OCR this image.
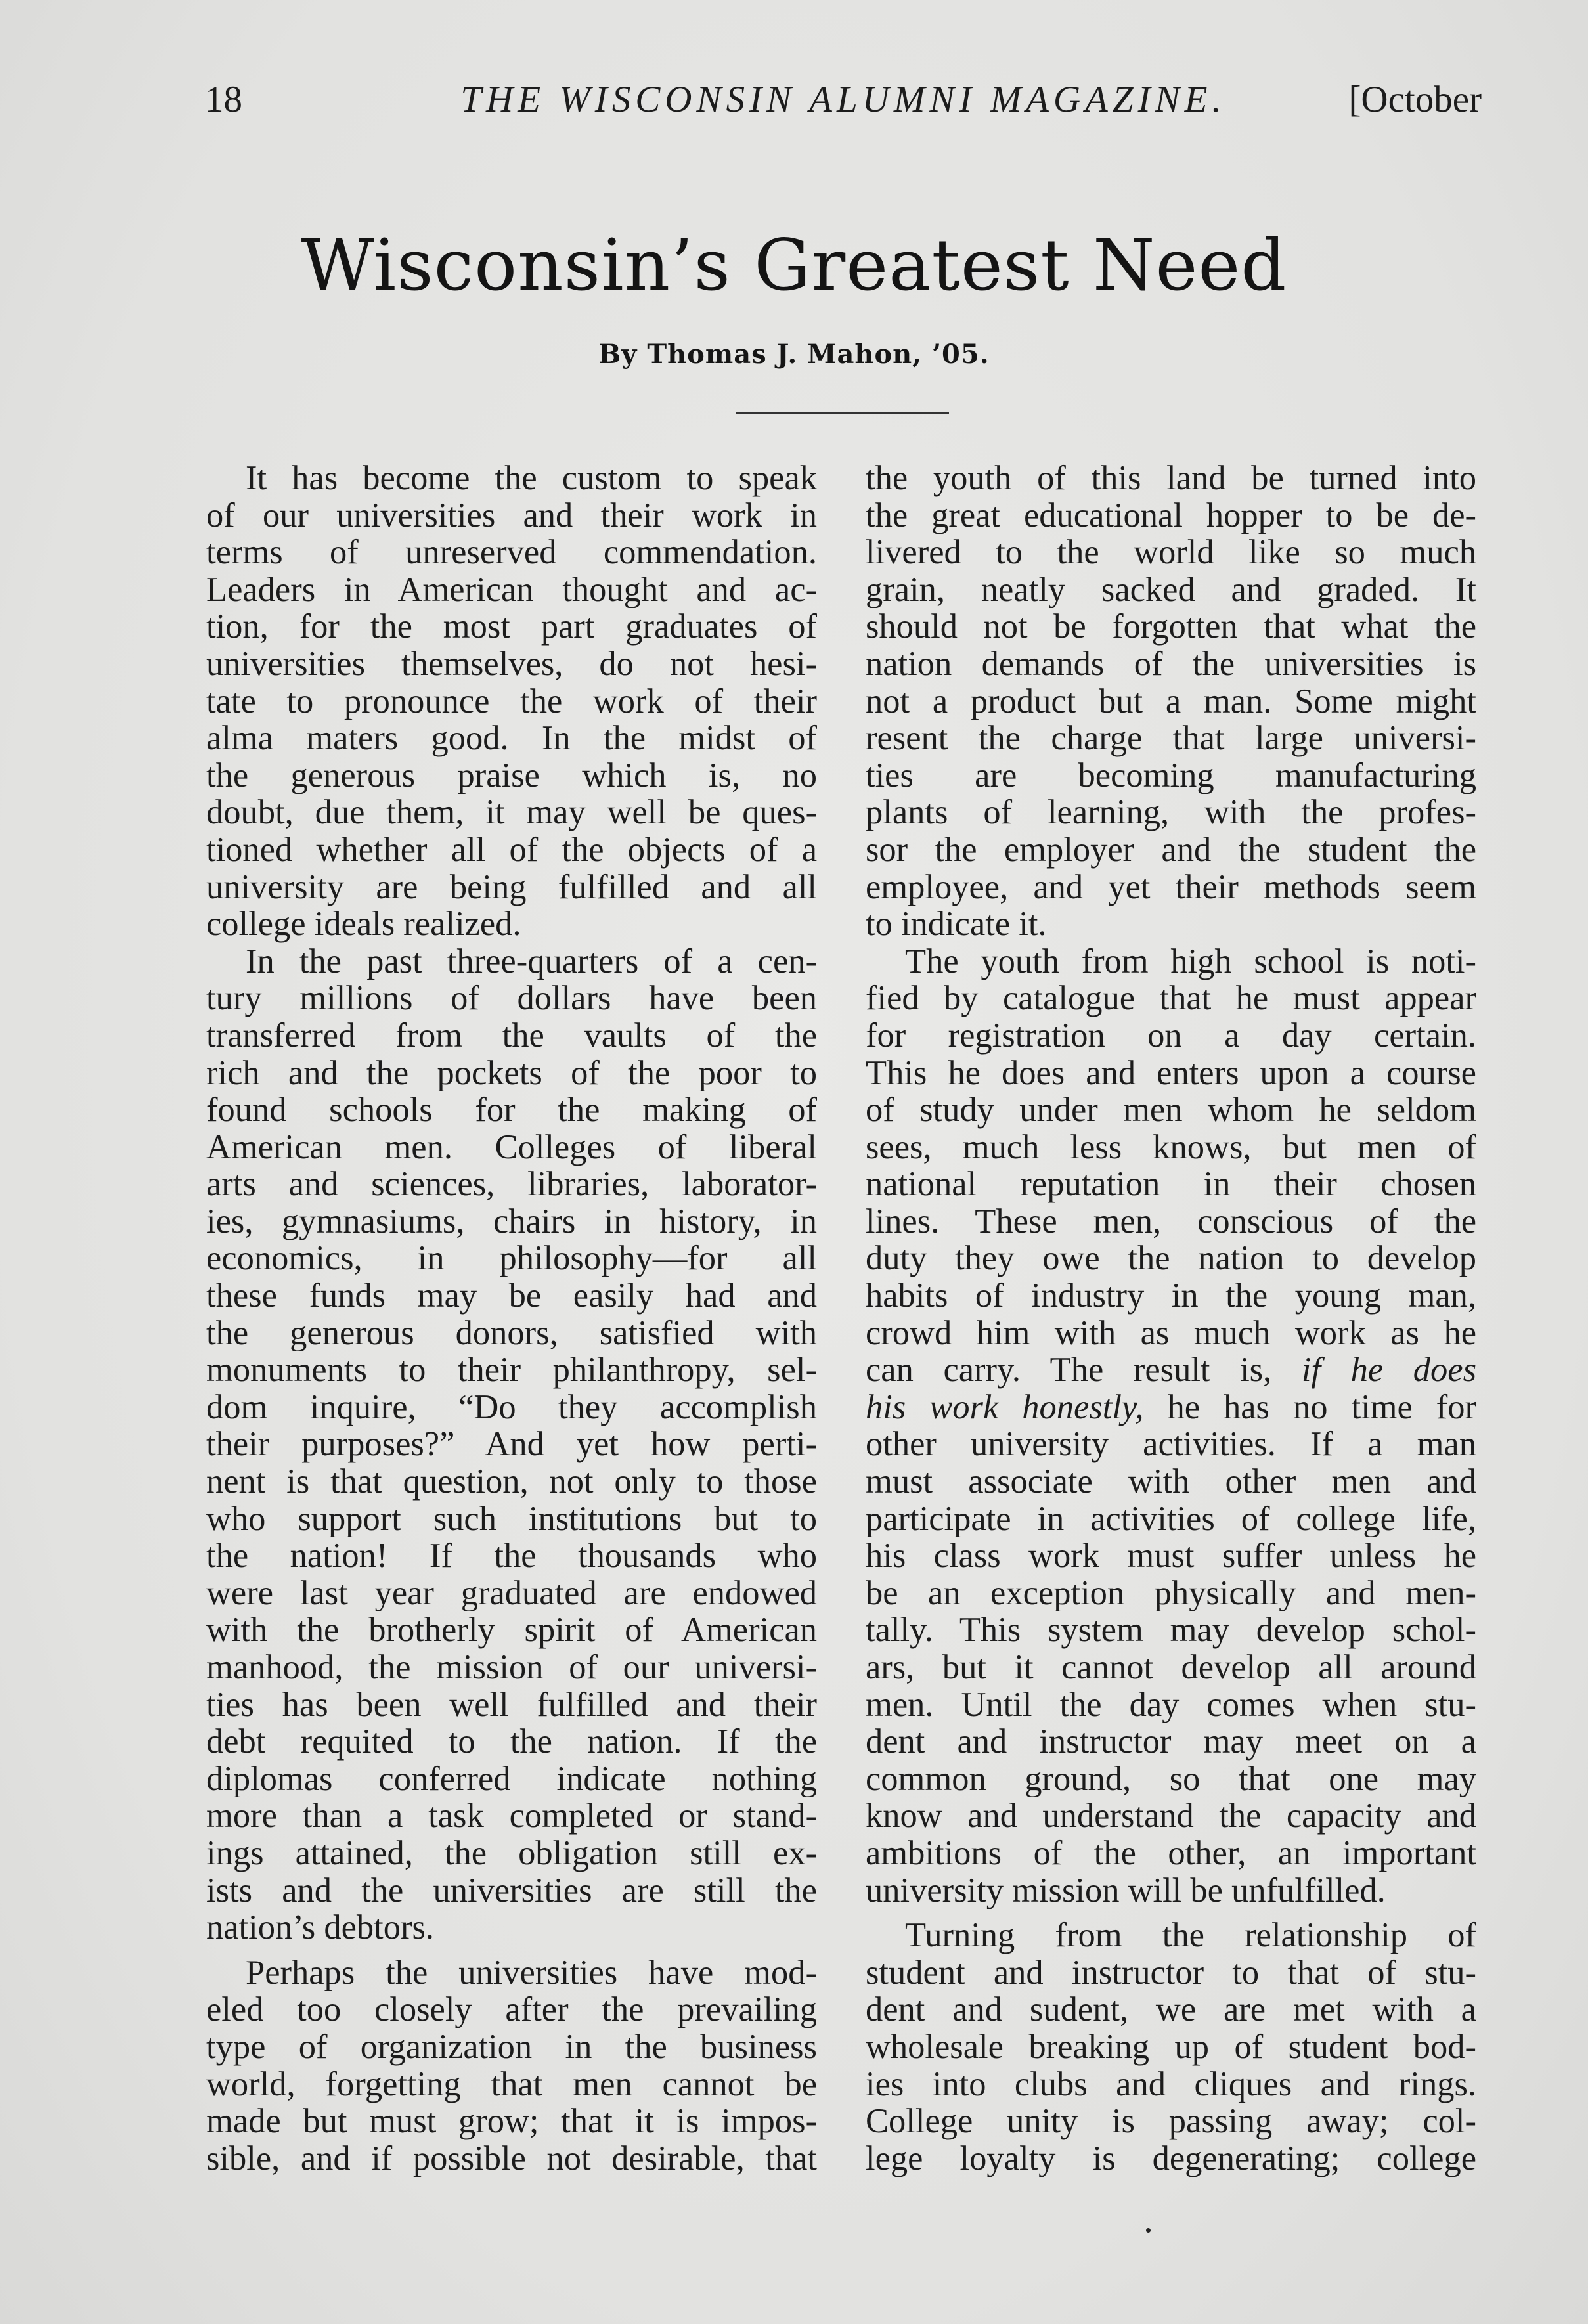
18	THE WISCONSIN ALUMNI MAGAZINE.	[October
Wisconsin’s Greatest Need
By Thomas J. Mahon, ’05.
It has become the custom to speak
of our universities and their work in
terms of unreserved commendation.
Leaders in American thought and ac-
tion, for the most part graduates of
universities themselves, do not hesi-
tate to pronounce the work of their
alma maters good. In the midst of
the generous praise which is, no
doubt, due them, it may well be ques-
tioned whether all of the objects of a
university are being fulfilled and all
college ideals realized.
In the past three-quarters of a cen-
tury millions of dollars have been
transferred from the vaults of the
rich and the pockets of the poor to
found schools for the making of
American men. Colleges of liberal
arts and sciences, libraries, laborator-
ies, gymnasiums, chairs in history, in
economics, in philosophy—for all
these funds may be easily had and
the generous donors, satisfied with
monuments to their philanthropy, sel-
dom inquire, “Do they accomplish
their purposes?” And yet how perti-
nent is that question, not only to those
who support such institutions but to
the nation! If the thousands who
were last year graduated are endowed
with the brotherly spirit of American
manhood, the mission of our universi-
ties has been well fulfilled and their
debt requited to the nation. If the
diplomas conferred indicate nothing
more than a task completed or stand-
ings attained, the obligation still ex-
ists and the universities are still the
nation’s debtors.
Perhaps the universities have mod-
eled too closely after the prevailing
type of organization in the business
world, forgetting that men cannot be
made but must grow; that it is impos-
sible, and if possible not desirable, that
the youth of this land be turned into
the great educational hopper to be de-
livered to the world like so much
grain, neatly sacked and graded. It
should not be forgotten that what the
nation demands of the universities is
not a product but a man. Some might
resent the charge that large universi-
ties are becoming manufacturing
plants of learning, with the profes-
sor the employer and the student the
employee, and yet their methods seem
to indicate it.
The youth from high school is noti-
fied by catalogue that he must appear
for registration on a day certain.
This he does and enters upon a course
of study under men whom he seldom
sees, much less knows, but men of
national reputation in their chosen
lines. These men, conscious of the
duty they owe the nation to develop
habits of industry in the young man,
crowd him with as much work as he
can carry. The result is, if he does
his work honestly, he has no time for
other university activities. If a man
must associate with other men and
participate in activities of college life,
his class work must suffer unless he
be an exception physically and men-
tally. This system may develop schol-
ars, but it cannot develop all around
men. Until the day comes when stu-
dent and instructor may meet on a
common ground, so that one may
know and understand the capacity and
ambitions of the other, an important
university mission will be unfulfilled.
Turning from the relationship of
student and instructor to that of stu-
dent and sudent, we are met with a
wholesale breaking up of student bod-
ies into clubs and cliques and rings.
College unity is passing away; col-
lege loyalty is degenerating; college
